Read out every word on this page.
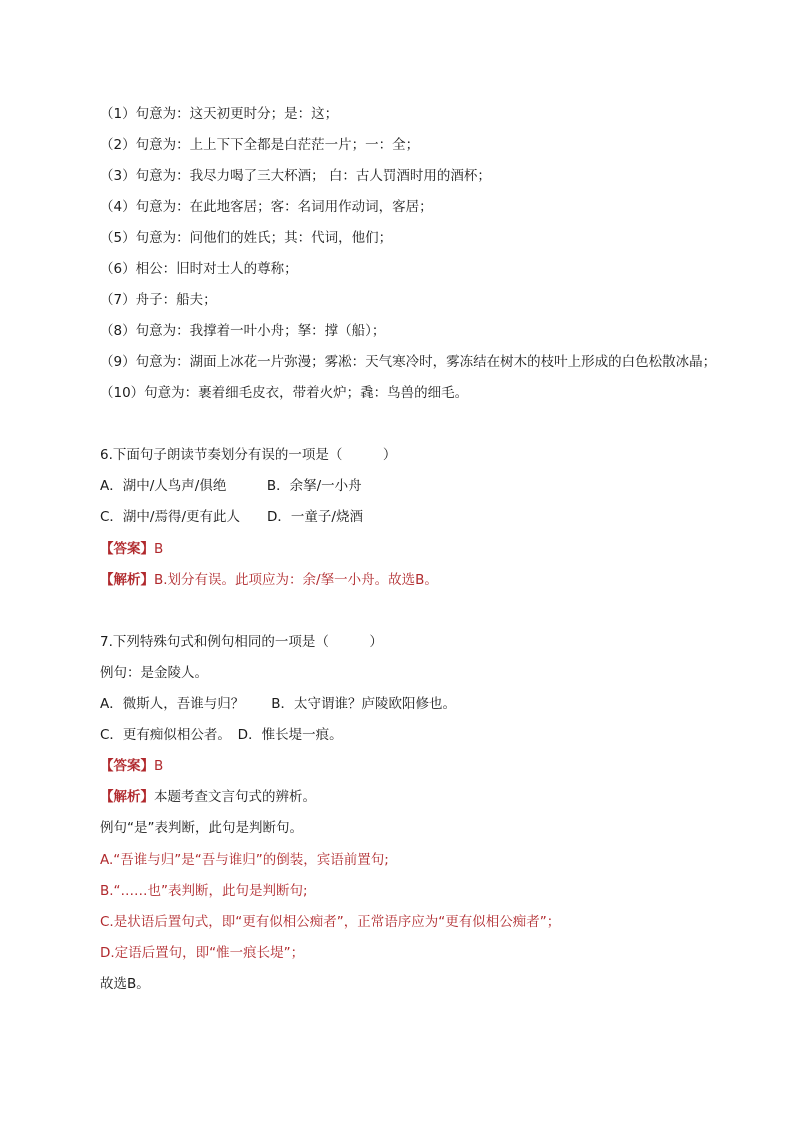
（1）句意为：这天初更时分；是：这；
（2）句意为：上上下下全都是白茫茫一片；一：全；
（3）句意为：我尽力喝了三大杯酒； 白：古人罚酒时用的酒杯；
（4）句意为：在此地客居；客：名词用作动词，客居；
（5）句意为：问他们的姓氏；其：代词，他们；
（6）相公：旧时对士人的尊称；
（7）舟子：船夫；
（8）句意为：我撑着一叶小舟；拏：撑（船）；
（9）句意为：湖面上冰花一片弥漫；雾凇：天气寒冷时，雾冻结在树木的枝叶上形成的白色松散冰晶；
（10）句意为：裹着细毛皮衣，带着火炉；毳：鸟兽的细毛。
6.下面句子朗读节奏划分有误的一项是（　　　）
A．湖中/人鸟声/俱绝　　　B．余拏/一小舟
C．湖中/焉得/更有此人　　D．一童子/烧酒
【答案】B
【解析】B.划分有误。此项应为：余/拏一小舟。故选B。
7.下列特殊句式和例句相同的一项是（　　　）
例句：是金陵人。
A．微斯人，吾谁与归？　　B．太守谓谁？庐陵欧阳修也。
C．更有痴似相公者。　D．惟长堤一痕。
【答案】B
【解析】本题考查文言句式的辨析。
例句“是”表判断，此句是判断句。
A.“吾谁与归”是“吾与谁归”的倒装，宾语前置句;
B.“……也”表判断，此句是判断句;
C.是状语后置句式，即“更有似相公痴者”，正常语序应为“更有似相公痴者”；
D.定语后置句，即“惟一痕长堤”；
故选B。
